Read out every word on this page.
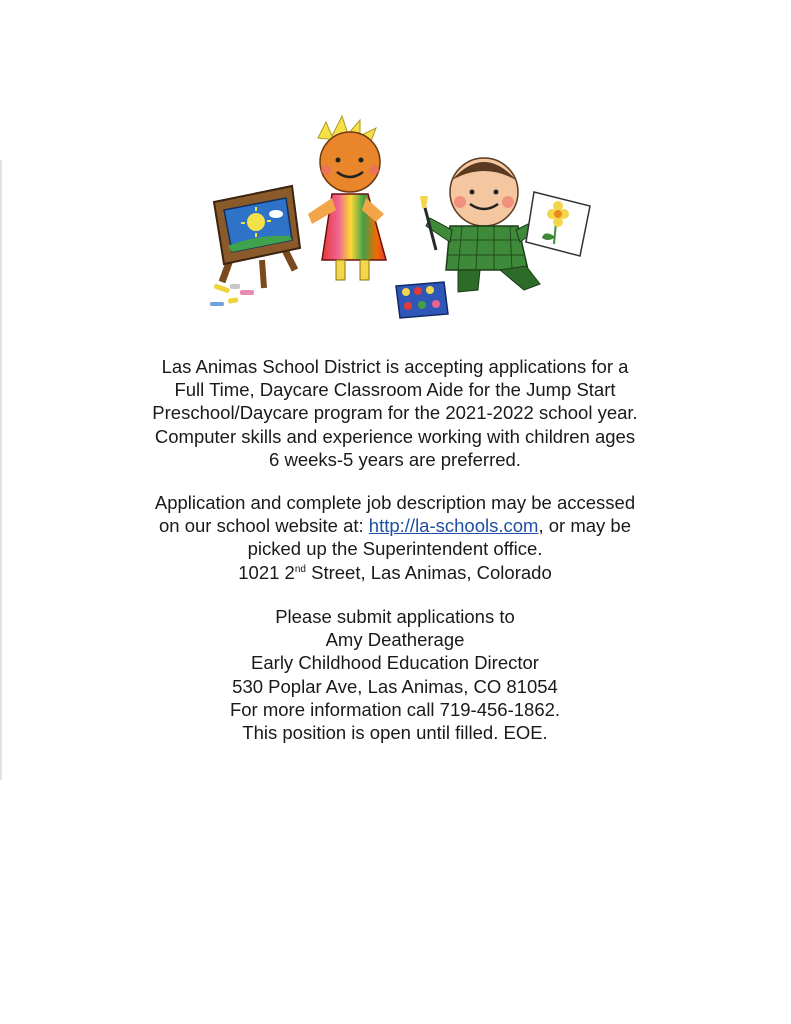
Las Animas School District is accepting applications for a
Full Time, Daycare Classroom Aide for the Jump Start
Preschool/Daycare program for the 2021-2022 school year.
Computer skills and experience working with children ages
6 weeks-5 years are preferred.
Application and complete job description may be accessed
on our school website at: http://la-schools.com, or may be
picked up the Superintendent office.
1021 2nd Street, Las Animas, Colorado
Please submit applications to
Amy Deatherage
Early Childhood Education Director
530 Poplar Ave, Las Animas, CO 81054
For more information call 719-456-1862.
This position is open until filled. EOE.
